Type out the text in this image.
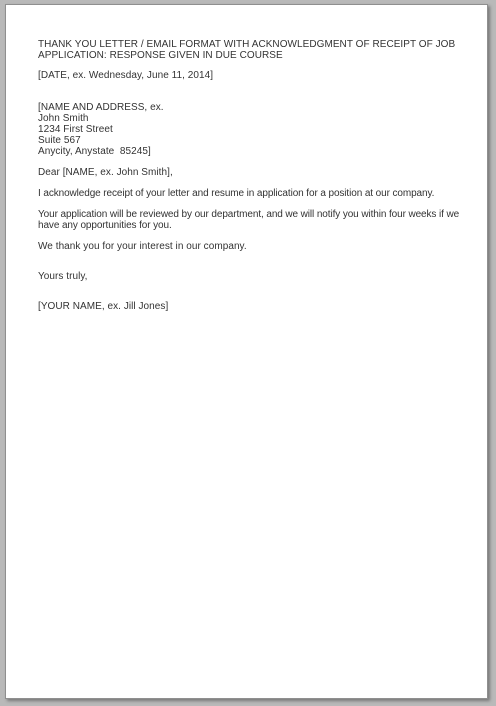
THANK YOU LETTER / EMAIL FORMAT WITH ACKNOWLEDGMENT OF RECEIPT OF JOB APPLICATION: RESPONSE GIVEN IN DUE COURSE

[DATE, ex. Wednesday, June 11, 2014]

[NAME AND ADDRESS, ex.
John Smith
1234 First Street
Suite 567
Anycity, Anystate  85245]

Dear [NAME, ex. John Smith],

I acknowledge receipt of your letter and resume in application for a position at our company.

Your application will be reviewed by our department, and we will notify you within four weeks if we have any opportunities for you.

We thank you for your interest in our company.

Yours truly,

[YOUR NAME, ex. Jill Jones]
